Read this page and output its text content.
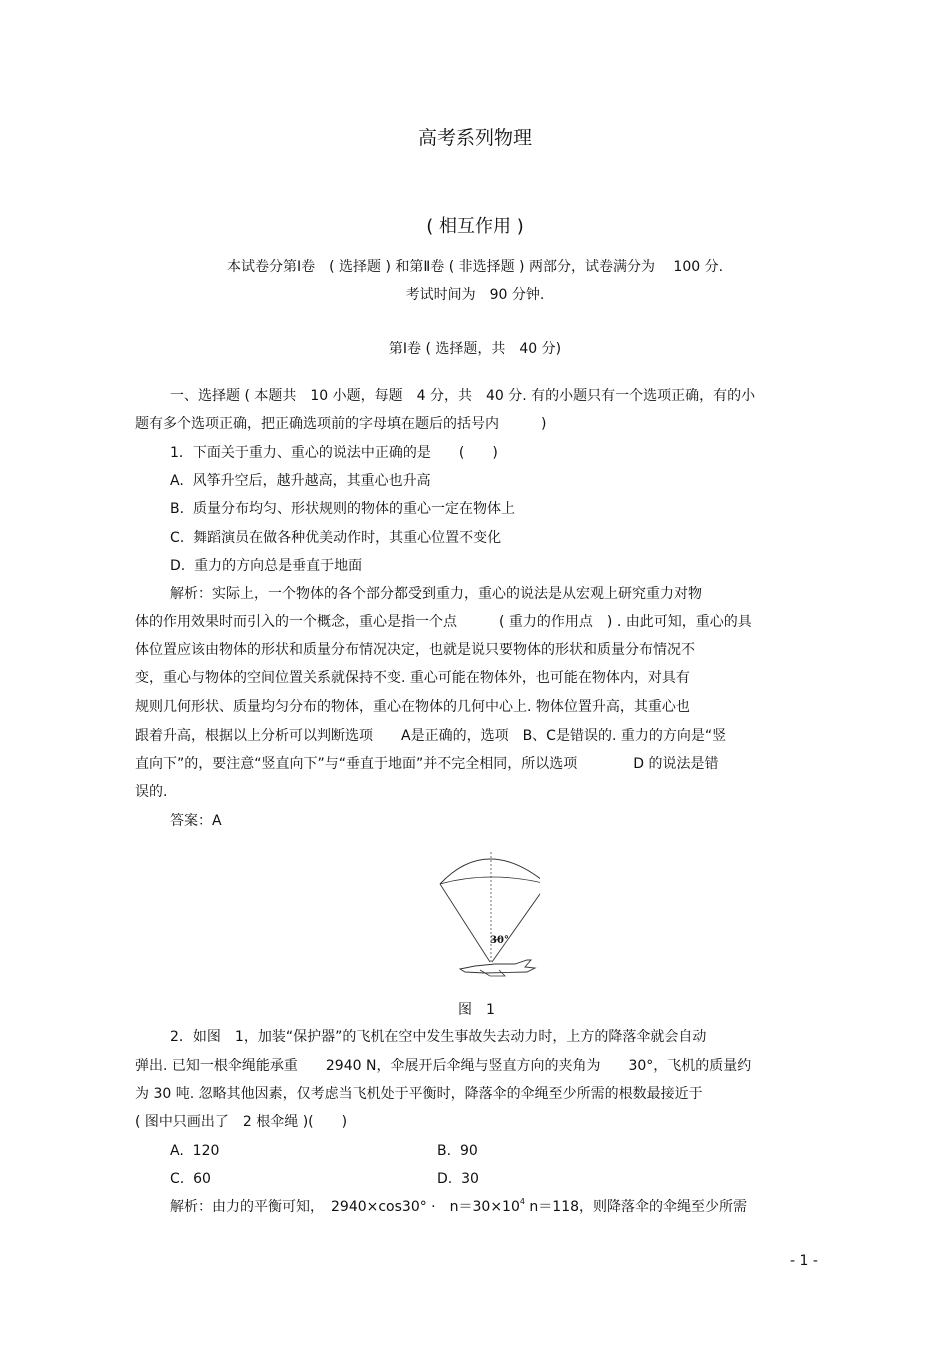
高考系列物理
( 相互作用 )
本试卷分第Ⅰ卷　( 选择题 ) 和第Ⅱ卷 ( 非选择题 ) 两部分，试卷满分为　 100 分.
考试时间为　90 分钟.
第Ⅰ卷 ( 选择题，共　40 分)
一、选择题 ( 本题共　10 小题，每题　4 分，共　40 分. 有的小题只有一个选项正确，有的小
题有多个选项正确，把正确选项前的字母填在题后的括号内　　　)
1．下面关于重力、重心的说法中正确的是　　(　　)
A.  风筝升空后，越升越高，其重心也升高
B.  质量分布均匀、形状规则的物体的重心一定在物体上
C.  舞蹈演员在做各种优美动作时，其重心位置不变化
D.  重力的方向总是垂直于地面
解析：实际上，一个物体的各个部分都受到重力，重心的说法是从宏观上研究重力对物
体的作用效果时而引入的一个概念，重心是指一个点　　　( 重力的作用点　) . 由此可知，重心的具
体位置应该由物体的形状和质量分布情况决定，也就是说只要物体的形状和质量分布情况不
变，重心与物体的空间位置关系就保持不变. 重心可能在物体外，也可能在物体内，对具有
规则几何形状、质量均匀分布的物体，重心在物体的几何中心上. 物体位置升高，其重心也
跟着升高，根据以上分析可以判断选项　　A是正确的，选项　B、C是错误的. 重力的方向是“竖
直向下”的，要注意“竖直向下”与“垂直于地面”并不完全相同，所以选项　　　　D 的说法是错
误的.
答案：A
30°
图　1
2．如图　1，加装“保护器”的飞机在空中发生事故失去动力时，上方的降落伞就会自动
弹出. 已知一根伞绳能承重　　2940 N，伞展开后伞绳与竖直方向的夹角为　　30°，飞机的质量约
为 30 吨. 忽略其他因素，仅考虑当飞机处于平衡时，降落伞的伞绳至少所需的根数最接近于
( 图中只画出了　2 根伞绳 )(　　)
A.  120	B.  90
C.  60	D.  30
解析：由力的平衡可知，　2940×cos30° ·　$n=30\times 10^4$ n＝118，则降落伞的伞绳至少所需
- 1 -
